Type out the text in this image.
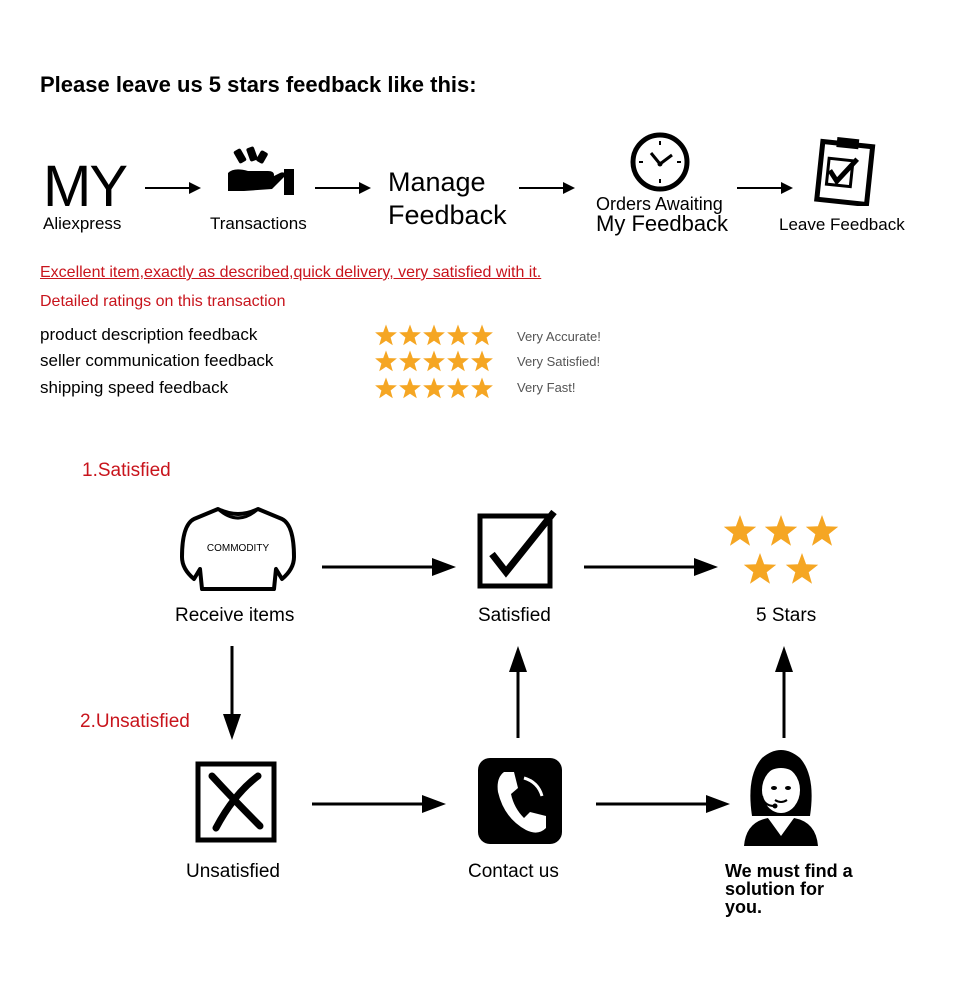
Please leave us 5 stars feedback like this:
MY
Aliexpress	Transactions
Manage
Feedback	Orders Awaiting
My Feedback	Leave Feedback
Excellent item,exactly as described,quick delivery, very satisfied with it.
Detailed ratings on this transaction
product description feedback	Very Accurate!
seller communication feedback	Very Satisfied!
shipping speed feedback	Very Fast!
1.Satisfied
2.Unsatisfied
COMMODITY
Receive items	Satisfied	5 Stars
Unsatisfied	Contact us	We must find a solution for you.
